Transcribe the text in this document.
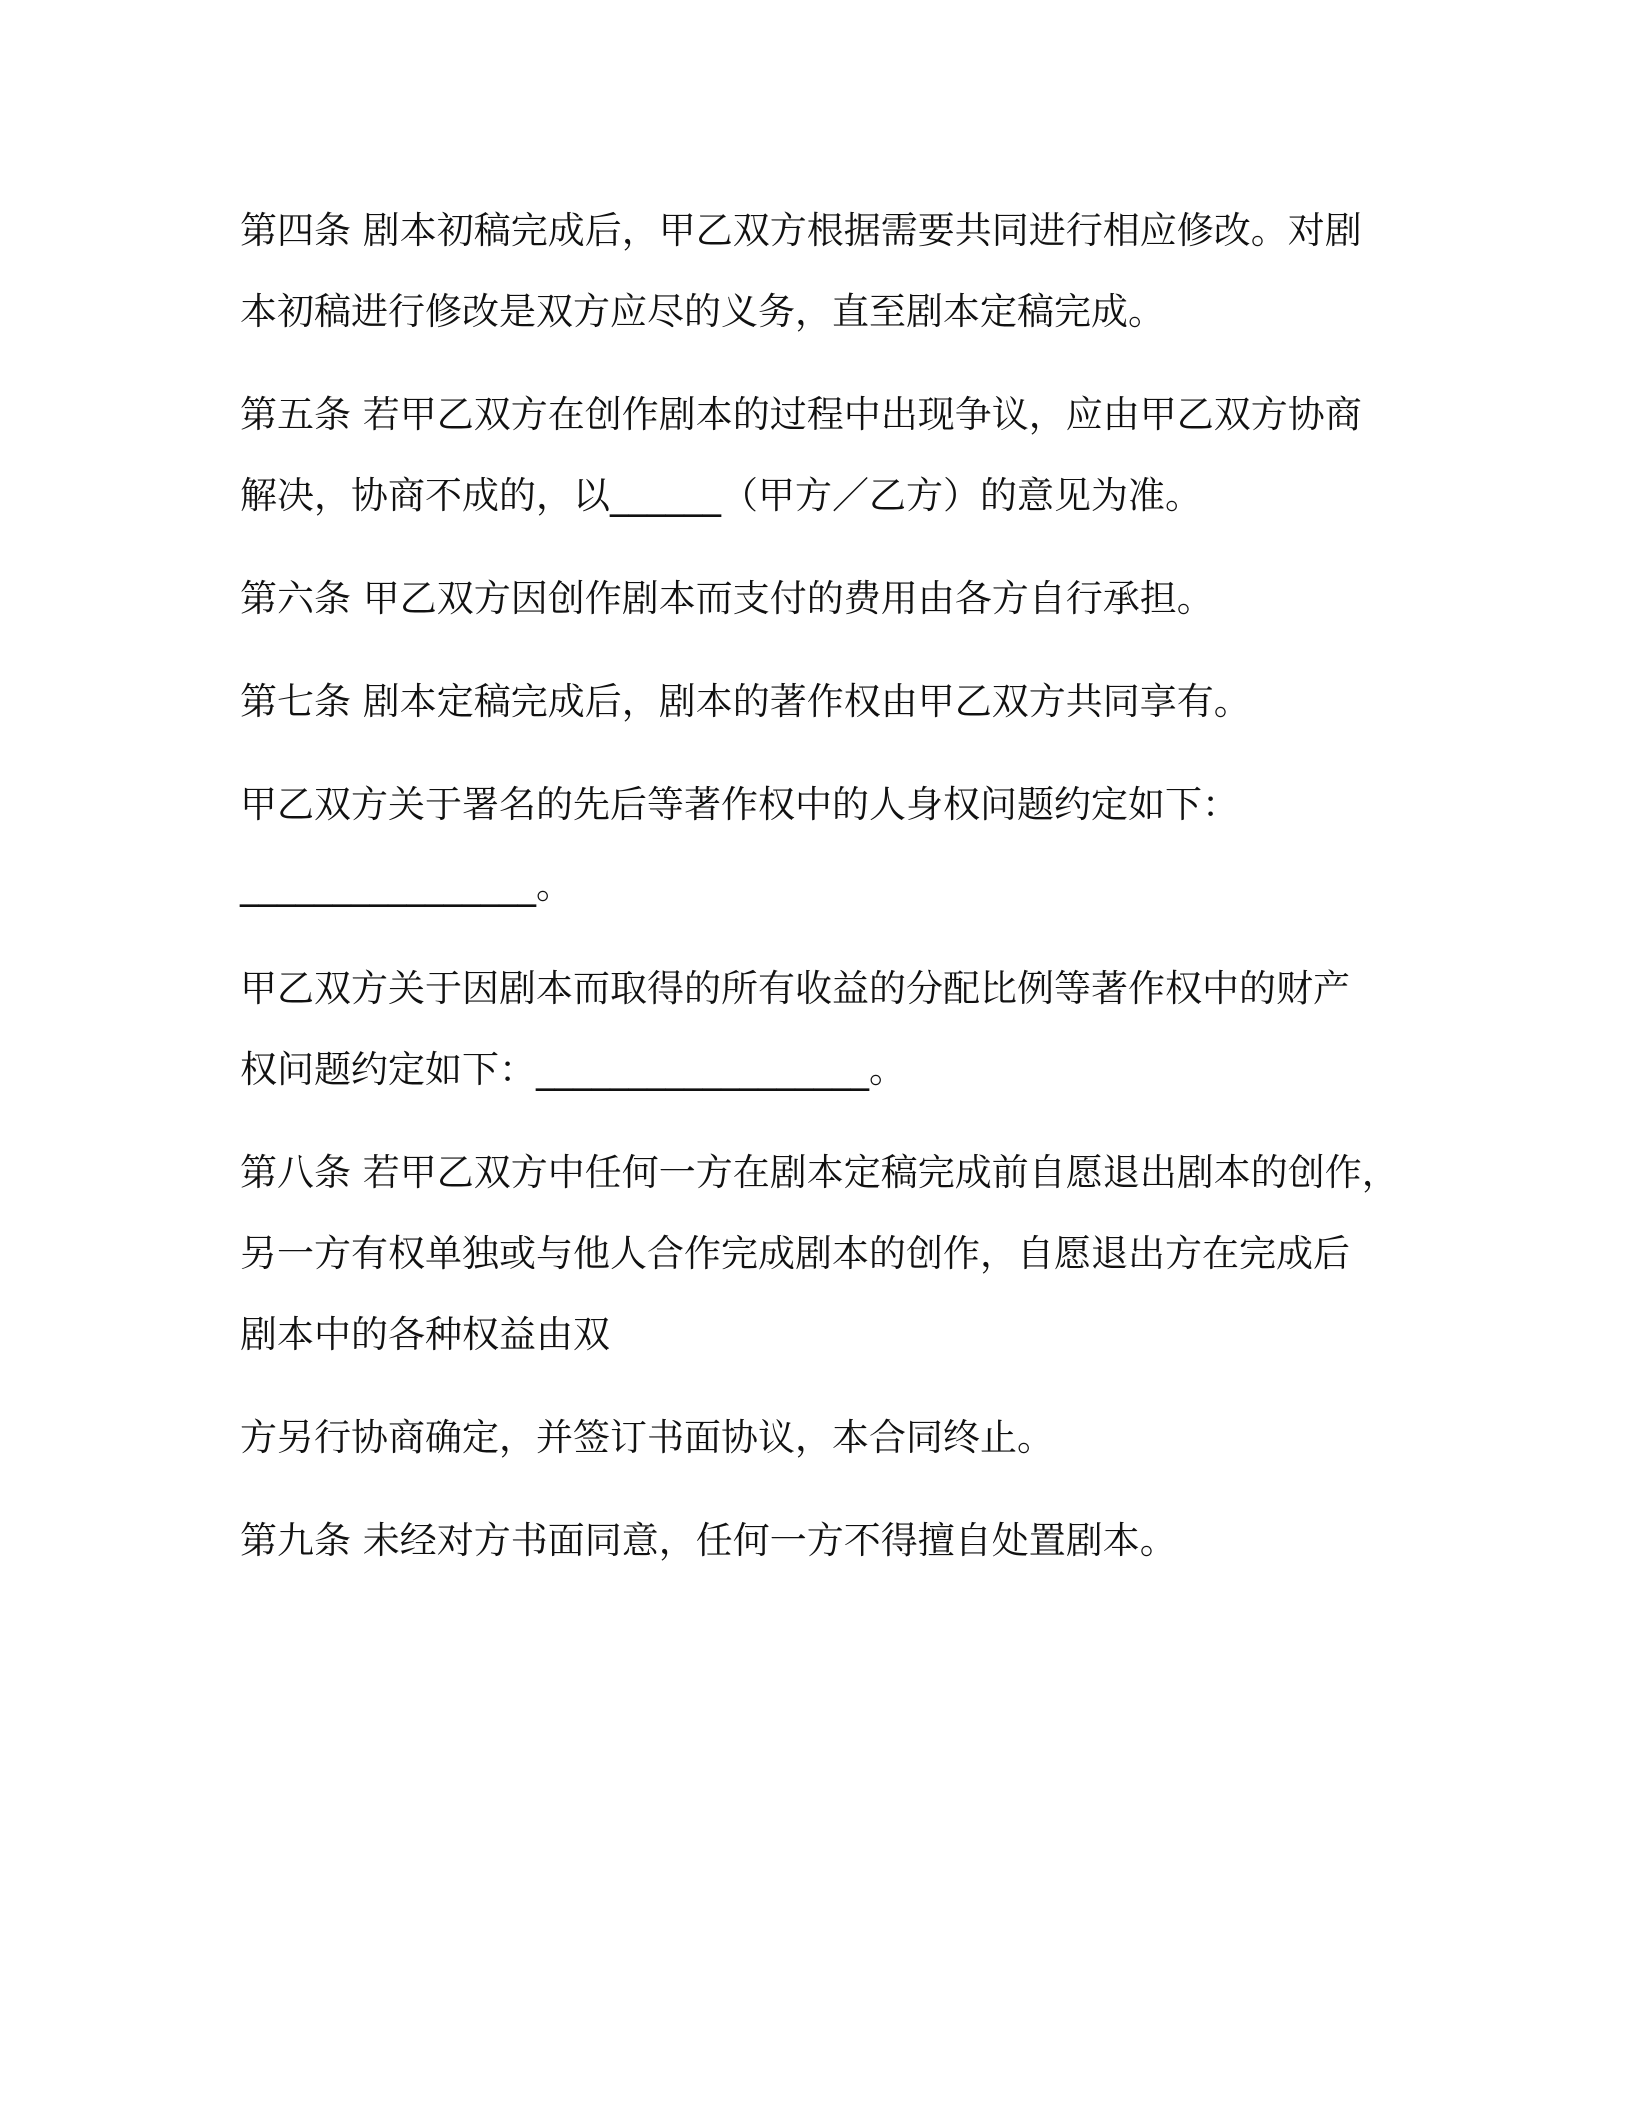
第四条 剧本初稿完成后，甲乙双方根据需要共同进行相应修改。对剧

本初稿进行修改是双方应尽的义务，直至剧本定稿完成。

第五条 若甲乙双方在创作剧本的过程中出现争议，应由甲乙双方协商

解决，协商不成的，以______（甲方／乙方）的意见为准。

第六条 甲乙双方因创作剧本而支付的费用由各方自行承担。

第七条 剧本定稿完成后，剧本的著作权由甲乙双方共同享有。

甲乙双方关于署名的先后等著作权中的人身权问题约定如下：

________________。

甲乙双方关于因剧本而取得的所有收益的分配比例等著作权中的财产

权问题约定如下：__________________。

第八条 若甲乙双方中任何一方在剧本定稿完成前自愿退出剧本的创作，

另一方有权单独或与他人合作完成剧本的创作，自愿退出方在完成后

剧本中的各种权益由双

方另行协商确定，并签订书面协议，本合同终止。

第九条 未经对方书面同意，任何一方不得擅自处置剧本。
